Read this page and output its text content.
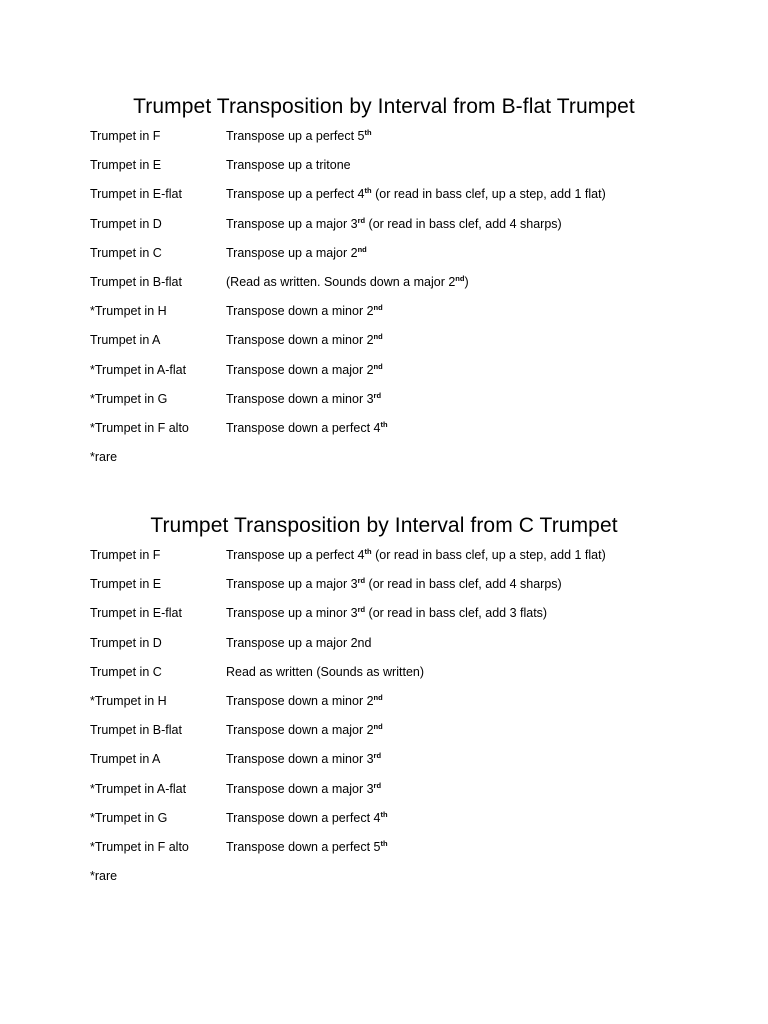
Trumpet Transposition by Interval from B-flat Trumpet
Trumpet in F	Transpose up a perfect 5th
Trumpet in E	Transpose up a tritone
Trumpet in E-flat	Transpose up a perfect 4th (or read in bass clef, up a step, add 1 flat)
Trumpet in D	Transpose up a major 3rd (or read in bass clef, add 4 sharps)
Trumpet in C	Transpose up a major 2nd
Trumpet in B-flat	(Read as written. Sounds down a major 2nd)
*Trumpet in H	Transpose down a minor 2nd
Trumpet in A	Transpose down a minor 2nd
*Trumpet in A-flat	Transpose down a major 2nd
*Trumpet in G	Transpose down a minor 3rd
*Trumpet in F alto	Transpose down a perfect 4th
*rare
Trumpet Transposition by Interval from C Trumpet
Trumpet in F	Transpose up a perfect 4th (or read in bass clef, up a step, add 1 flat)
Trumpet in E	Transpose up a major 3rd (or read in bass clef, add 4 sharps)
Trumpet in E-flat	Transpose up a minor 3rd (or read in bass clef, add 3 flats)
Trumpet in D	Transpose up a major 2nd
Trumpet in C	Read as written (Sounds as written)
*Trumpet in H	Transpose down a minor 2nd
Trumpet in B-flat	Transpose down a major 2nd
Trumpet in A	Transpose down a minor 3rd
*Trumpet in A-flat	Transpose down a major 3rd
*Trumpet in G	Transpose down a perfect 4th
*Trumpet in F alto	Transpose down a perfect 5th
*rare
